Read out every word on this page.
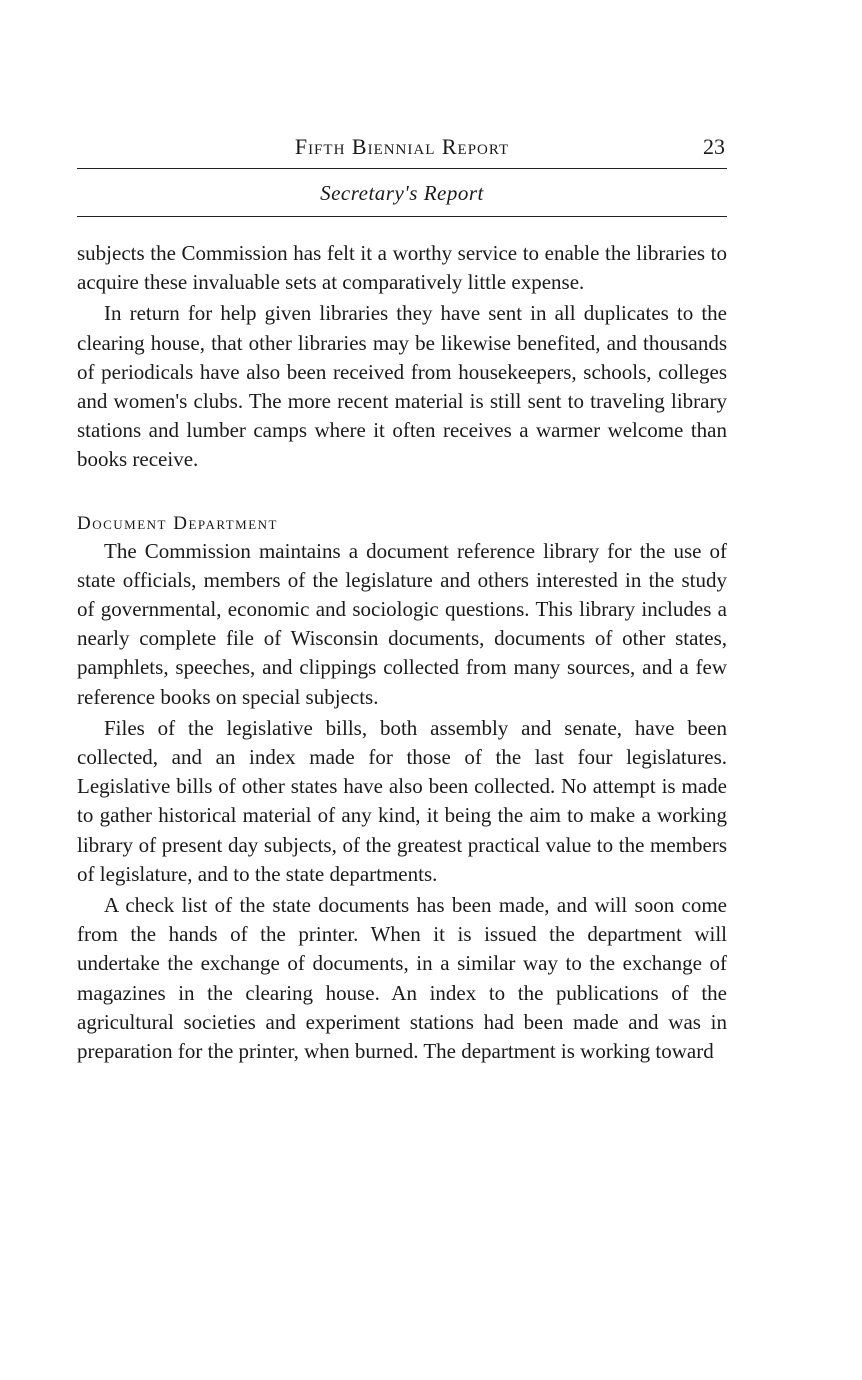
Fifth Biennial Report	23
Secretary's Report

subjects the Commission has felt it a worthy service to enable the libraries to acquire these invaluable sets at comparatively little expense.

In return for help given libraries they have sent in all duplicates to the clearing house, that other libraries may be likewise benefited, and thousands of periodicals have also been received from housekeepers, schools, colleges and women's clubs. The more recent material is still sent to traveling library stations and lumber camps where it often receives a warmer welcome than books receive.

Document Department

The Commission maintains a document reference library for the use of state officials, members of the legislature and others interested in the study of governmental, economic and sociologic questions. This library includes a nearly complete file of Wisconsin documents, documents of other states, pamphlets, speeches, and clippings collected from many sources, and a few reference books on special subjects.

Files of the legislative bills, both assembly and senate, have been collected, and an index made for those of the last four legislatures. Legislative bills of other states have also been collected. No attempt is made to gather historical material of any kind, it being the aim to make a working library of present day subjects, of the greatest practical value to the members of legislature, and to the state departments.

A check list of the state documents has been made, and will soon come from the hands of the printer. When it is issued the department will undertake the exchange of documents, in a similar way to the exchange of magazines in the clearing house. An index to the publications of the agricultural societies and experiment stations had been made and was in preparation for the printer, when burned. The department is working toward
